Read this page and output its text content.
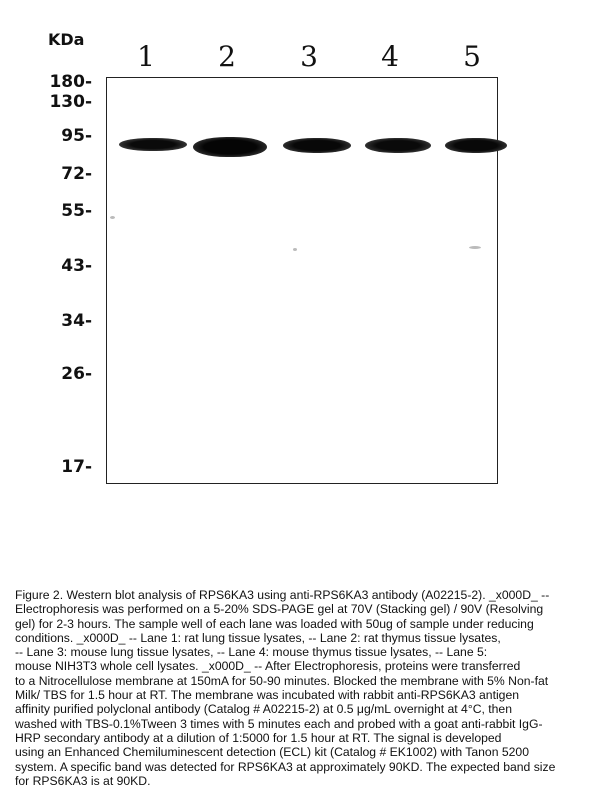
KDa
1	2	3	4	5
180-
130-
95-
72-
55-
43-
34-
26-
17-
Figure 2. Western blot analysis of RPS6KA3 using anti-RPS6KA3 antibody (A02215-2). _x000D_ --
Electrophoresis was performed on a 5-20% SDS-PAGE gel at 70V (Stacking gel) / 90V (Resolving
gel) for 2-3 hours. The sample well of each lane was loaded with 50ug of sample under reducing
conditions. _x000D_ -- Lane 1: rat lung tissue lysates, -- Lane 2: rat thymus tissue lysates,
-- Lane 3: mouse lung tissue lysates, -- Lane 4: mouse thymus tissue lysates, -- Lane 5:
mouse NIH3T3 whole cell lysates. _x000D_ -- After Electrophoresis, proteins were transferred
to a Nitrocellulose membrane at 150mA for 50-90 minutes. Blocked the membrane with 5% Non-fat
Milk/ TBS for 1.5 hour at RT. The membrane was incubated with rabbit anti-RPS6KA3 antigen
affinity purified polyclonal antibody (Catalog # A02215-2) at 0.5 μg/mL overnight at 4°C, then
washed with TBS-0.1%Tween 3 times with 5 minutes each and probed with a goat anti-rabbit IgG-
HRP secondary antibody at a dilution of 1:5000 for 1.5 hour at RT. The signal is developed
using an Enhanced Chemiluminescent detection (ECL) kit (Catalog # EK1002) with Tanon 5200
system. A specific band was detected for RPS6KA3 at approximately 90KD. The expected band size
for RPS6KA3 is at 90KD.
